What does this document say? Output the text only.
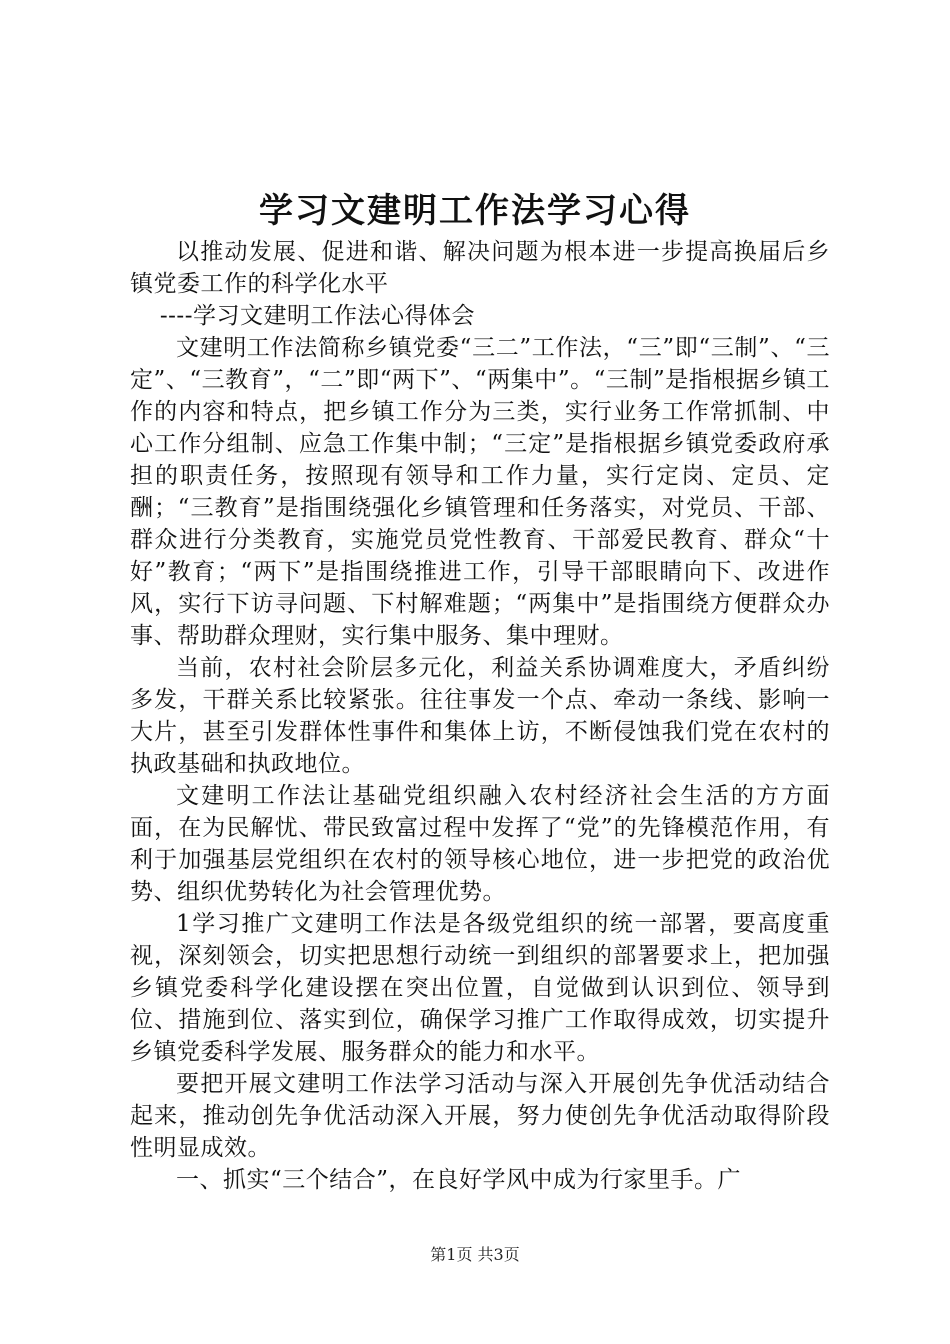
学习文建明工作法学习心得

以推动发展、促进和谐、解决问题为根本进一步提高换届后乡镇党委工作的科学化水平

----学习文建明工作法心得体会

文建明工作法简称乡镇党委“三二”工作法，“三”即“三制”、“三定”、“三教育”，“二”即“两下”、“两集中”。“三制”是指根据乡镇工作的内容和特点，把乡镇工作分为三类，实行业务工作常抓制、中心工作分组制、应急工作集中制；“三定”是指根据乡镇党委政府承担的职责任务，按照现有领导和工作力量，实行定岗、定员、定酬；“三教育”是指围绕强化乡镇管理和任务落实，对党员、干部、群众进行分类教育，实施党员党性教育、干部爱民教育、群众“十好”教育；“两下”是指围绕推进工作，引导干部眼睛向下、改进作风，实行下访寻问题、下村解难题；“两集中”是指围绕方便群众办事、帮助群众理财，实行集中服务、集中理财。

当前，农村社会阶层多元化，利益关系协调难度大，矛盾纠纷多发，干群关系比较紧张。往往事发一个点、牵动一条线、影响一大片，甚至引发群体性事件和集体上访，不断侵蚀我们党在农村的执政基础和执政地位。

文建明工作法让基础党组织融入农村经济社会生活的方方面面，在为民解忧、带民致富过程中发挥了“党”的先锋模范作用，有利于加强基层党组织在农村的领导核心地位，进一步把党的政治优势、组织优势转化为社会管理优势。

1学习推广文建明工作法是各级党组织的统一部署，要高度重视，深刻领会，切实把思想行动统一到组织的部署要求上，把加强乡镇党委科学化建设摆在突出位置，自觉做到认识到位、领导到位、措施到位、落实到位，确保学习推广工作取得成效，切实提升乡镇党委科学发展、服务群众的能力和水平。

要把开展文建明工作法学习活动与深入开展创先争优活动结合起来，推动创先争优活动深入开展，努力使创先争优活动取得阶段性明显成效。

一、抓实“三个结合”，在良好学风中成为行家里手。广

第1页 共3页
